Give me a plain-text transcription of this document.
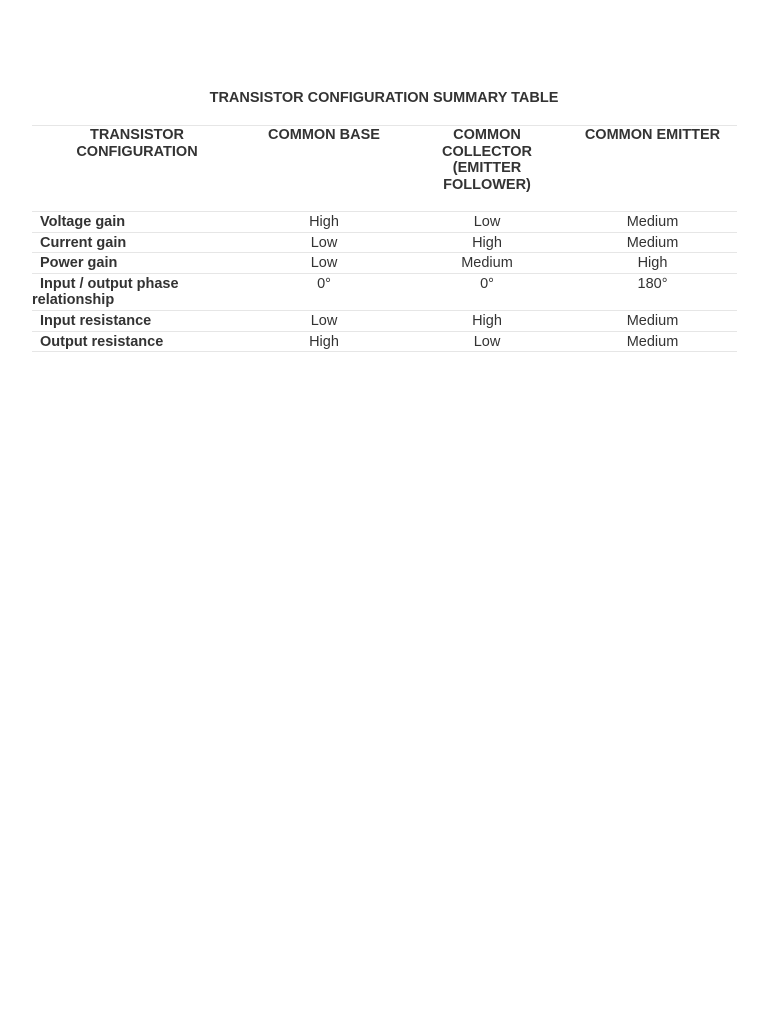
TRANSISTOR CONFIGURATION SUMMARY TABLE
TRANSISTOR CONFIGURATION	COMMON BASE	COMMON COLLECTOR (EMITTER FOLLOWER)	COMMON EMITTER
Voltage gain	High	Low	Medium
Current gain	Low	High	Medium
Power gain	Low	Medium	High
Input / output phase relationship	0°	0°	180°
Input resistance	Low	High	Medium
Output resistance	High	Low	Medium
